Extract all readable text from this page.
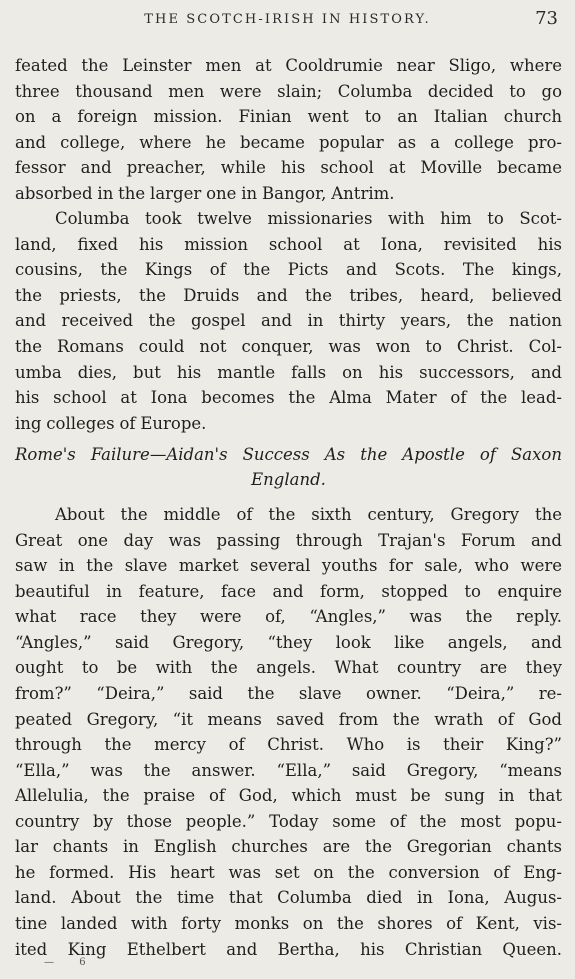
THE SCOTCH-IRISH IN HISTORY.	73
feated the Leinster men at Cooldrumie near Sligo, where
three thousand men were slain; Columba decided to go
on a foreign mission. Finian went to an Italian church
and college, where he became popular as a college pro-
fessor and preacher, while his school at Moville became
absorbed in the larger one in Bangor, Antrim.
Columba took twelve missionaries with him to Scot-
land, fixed his mission school at Iona, revisited his
cousins, the Kings of the Picts and Scots. The kings,
the priests, the Druids and the tribes, heard, believed
and received the gospel and in thirty years, the nation
the Romans could not conquer, was won to Christ. Col-
umba dies, but his mantle falls on his successors, and
his school at Iona becomes the Alma Mater of the lead-
ing colleges of Europe.
Rome's Failure—Aidan's Success As the Apostle of Saxon
England.
About the middle of the sixth century, Gregory the
Great one day was passing through Trajan's Forum and
saw in the slave market several youths for sale, who were
beautiful in feature, face and form, stopped to enquire
what race they were of, “Angles,” was the reply.
“Angles,” said Gregory, “they look like angels, and
ought to be with the angels. What country are they
from?” “Deira,” said the slave owner. “Deira,” re-
peated Gregory, “it means saved from the wrath of God
through the mercy of Christ. Who is their King?”
“Ella,” was the answer. “Ella,” said Gregory, “means
Allelulia, the praise of God, which must be sung in that
country by those people.” Today some of the most popu-
lar chants in English churches are the Gregorian chants
he formed. His heart was set on the conversion of Eng-
land. About the time that Columba died in Iona, Augus-
tine landed with forty monks on the shores of Kent, vis-
ited King Ethelbert and Bertha, his Christian Queen.
— 6
